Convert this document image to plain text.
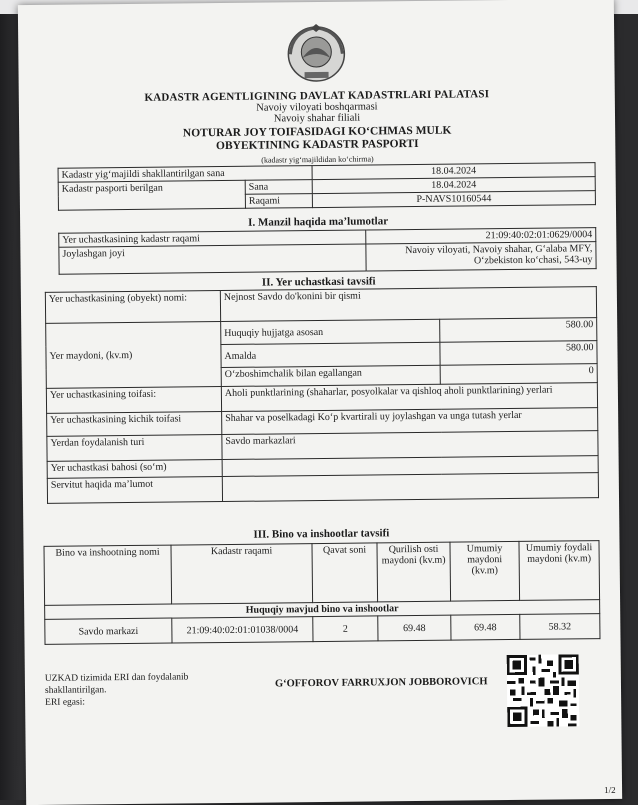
KADASTR AGENTLIGINING DAVLAT KADASTRLARI PALATASI
Navoiy viloyati boshqarmasi
Navoiy shahar filiali
NOTURAR JOY TOIFASIDAGI KO‘CHMAS MULK
OBYEKTINING KADASTR PASPORTI
(kadastr yig‘majildidan ko‘chirma)
Kadastr yig‘majildi shakllantirilgan sana		18.04.2024
Kadastr pasporti berilgan	Sana	18.04.2024
	Raqami	P-NAVS10160544
I. Manzil haqida ma’lumotlar
Yer uchastkasining kadastr raqami	21:09:40:02:01:0629/0004
Joylashgan joyi	Navoiy viloyati, Navoiy shahar, G‘alaba MFY,
O‘zbekiston ko‘chasi, 543-uy
II. Yer uchastkasi tavsifi
Yer uchastkasining (obyekt) nomi:	Nejnost Savdo do'konini bir qismi	
Yer maydoni, (kv.m)	Huquqiy hujjatga asosan	580.00
	Amalda	580.00
	O‘zboshimchalik bilan egallangan	0
Yer uchastkasining toifasi:	Aholi punktlarining (shaharlar, posyolkalar va qishloq aholi punktlarining) yerlari	
Yer uchastkasining kichik toifasi	Shahar va poselkadagi Ko‘p kvartirali uy joylashgan va unga tutash yerlar	
Yerdan foydalanish turi	Savdo markazlari	
Yer uchastkasi bahosi (so‘m)		
Servitut haqida ma’lumot		
III. Bino va inshootlar tavsifi
Bino va inshootning nomi	Kadastr raqami	Qavat soni	Qurilish osti maydoni (kv.m)	Umumiy maydoni (kv.m)	Umumiy foydali maydoni (kv.m)
Huquqiy mavjud bino va inshootlar					
Savdo markazi	21:09:40:02:01:01038/0004	2	69.48	69.48	58.32
UZKAD tizimida ERI dan foydalanib
shakllantirilgan.
ERI egasi:
G‘OFFOROV FARRUXJON JOBBOROVICH
1/2
